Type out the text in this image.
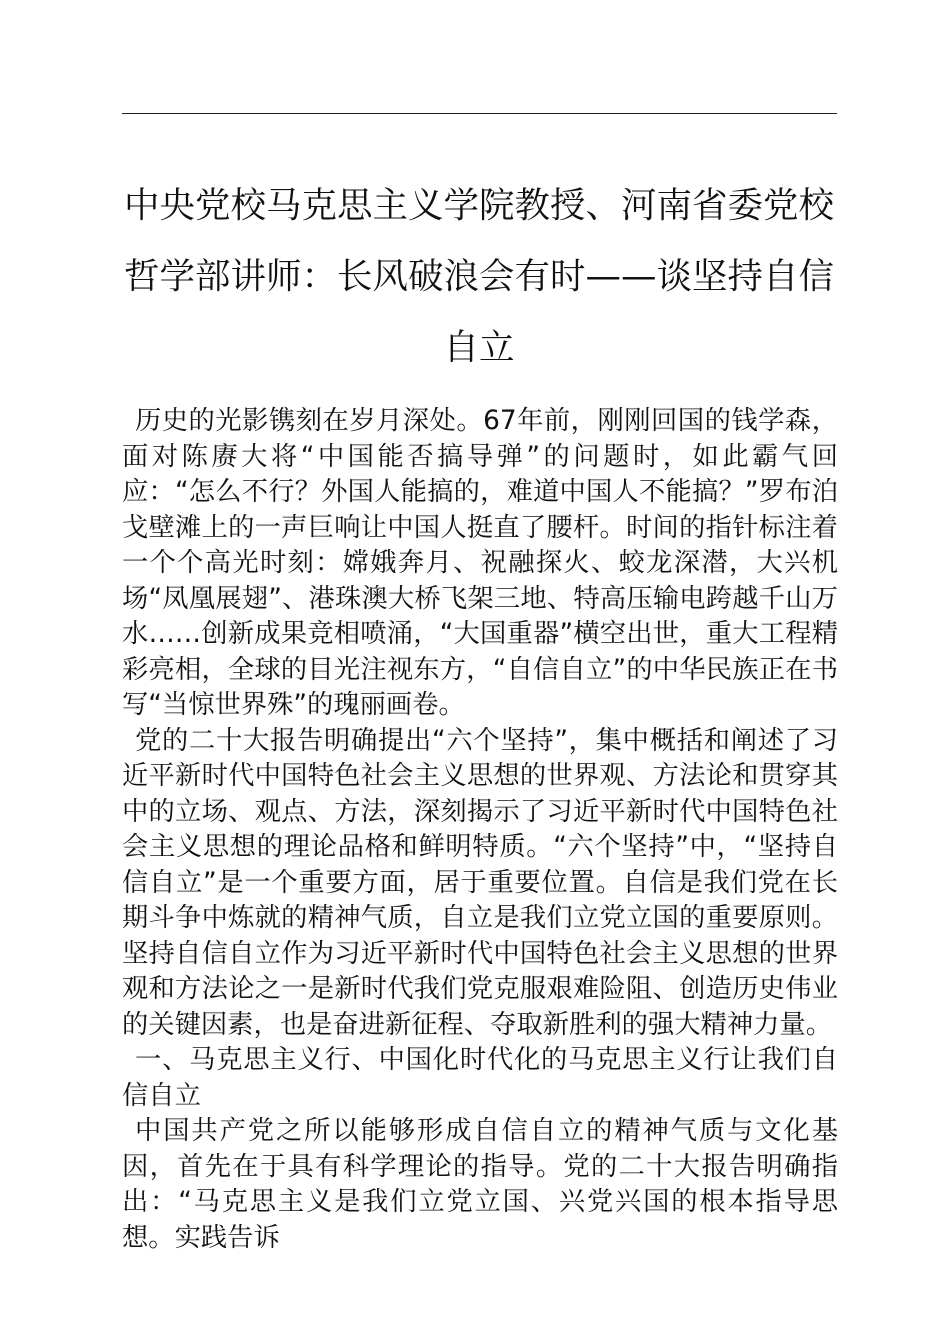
中央党校马克思主义学院教授、河南省委党校哲学部讲师：长风破浪会有时——谈坚持自信自立

历史的光影镌刻在岁月深处。67年前，刚刚回国的钱学森，面对陈赓大将“中国能否搞导弹”的问题时，如此霸气回应：“怎么不行？外国人能搞的，难道中国人不能搞？”罗布泊戈壁滩上的一声巨响让中国人挺直了腰杆。时间的指针标注着一个个高光时刻：嫦娥奔月、祝融探火、蛟龙深潜，大兴机场“凤凰展翅”、港珠澳大桥飞架三地、特高压输电跨越千山万水……创新成果竞相喷涌，“大国重器”横空出世，重大工程精彩亮相，全球的目光注视东方，“自信自立”的中华民族正在书写“当惊世界殊”的瑰丽画卷。

党的二十大报告明确提出“六个坚持”，集中概括和阐述了习近平新时代中国特色社会主义思想的世界观、方法论和贯穿其中的立场、观点、方法，深刻揭示了习近平新时代中国特色社会主义思想的理论品格和鲜明特质。“六个坚持”中，“坚持自信自立”是一个重要方面，居于重要位置。自信是我们党在长期斗争中炼就的精神气质，自立是我们立党立国的重要原则。坚持自信自立作为习近平新时代中国特色社会主义思想的世界观和方法论之一是新时代我们党克服艰难险阻、创造历史伟业的关键因素，也是奋进新征程、夺取新胜利的强大精神力量。

一、马克思主义行、中国化时代化的马克思主义行让我们自信自立

中国共产党之所以能够形成自信自立的精神气质与文化基因，首先在于具有科学理论的指导。党的二十大报告明确指出：“马克思主义是我们立党立国、兴党兴国的根本指导思想。实践告诉
